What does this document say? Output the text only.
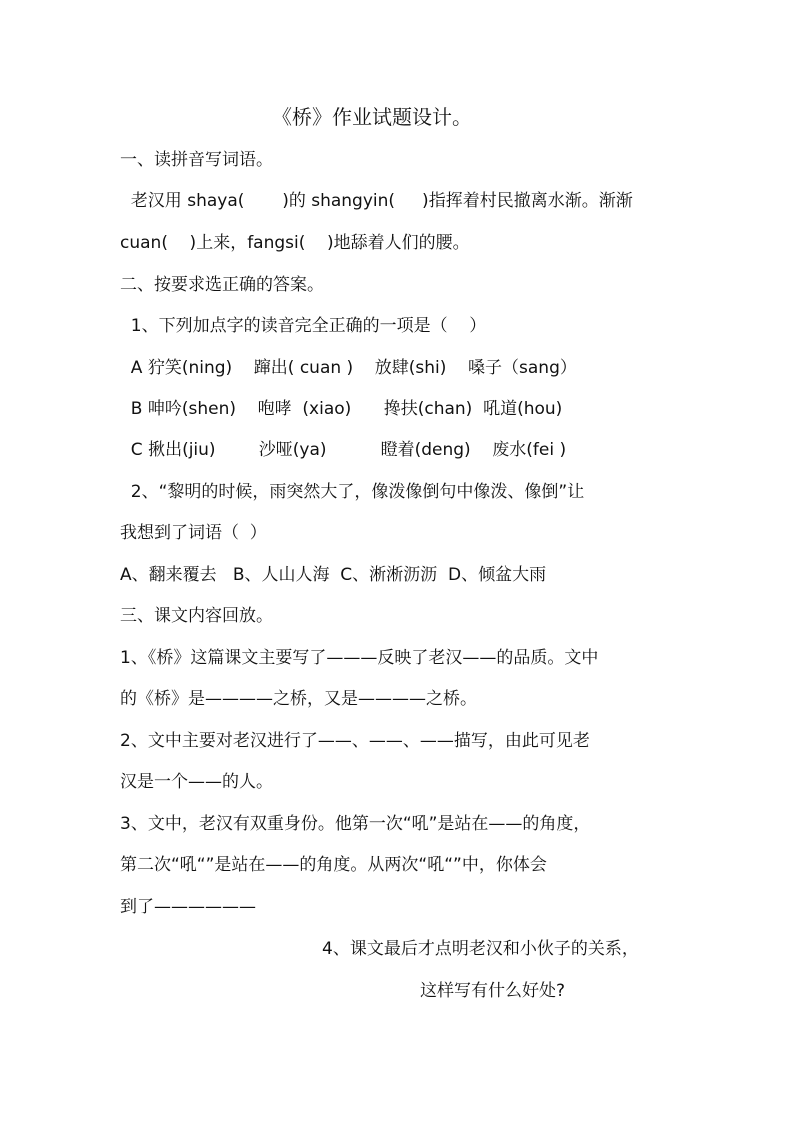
《桥》作业试题设计。

一、读拼音写词语。

老汉用 shaya(       )的 shangyin(     )指挥着村民撤离水渐。渐渐

cuan(    )上来，fangsi(    )地舔着人们的腰。

二、按要求选正确的答案。

1、下列加点字的读音完全正确的一项是（    ）

A 狞笑(ning)    蹿出( cuan )    放肆(shi)    嗓子（sang）

B 呻吟(shen)    咆哮  (xiao)      搀扶(chan)  吼道(hou)

C 揪出(jiu)        沙哑(ya)          瞪着(deng)    废水(fei )

2、“黎明的时候，雨突然大了，像泼像倒句中像泼、像倒”让

我想到了词语（  ）

A、翻来覆去   B、人山人海  C、淅淅沥沥  D、倾盆大雨

三、课文内容回放。

1、《桥》这篇课文主要写了———反映了老汉——的品质。文中

的《桥》是————之桥，又是————之桥。

2、文中主要对老汉进行了——、——、——描写，由此可见老

汉是一个——的人。

3、文中，老汉有双重身份。他第一次“吼”是站在——的角度，

第二次“吼“”是站在——的角度。从两次“吼“”中，你体会

到了——————

4、课文最后才点明老汉和小伙子的关系，

这样写有什么好处?
